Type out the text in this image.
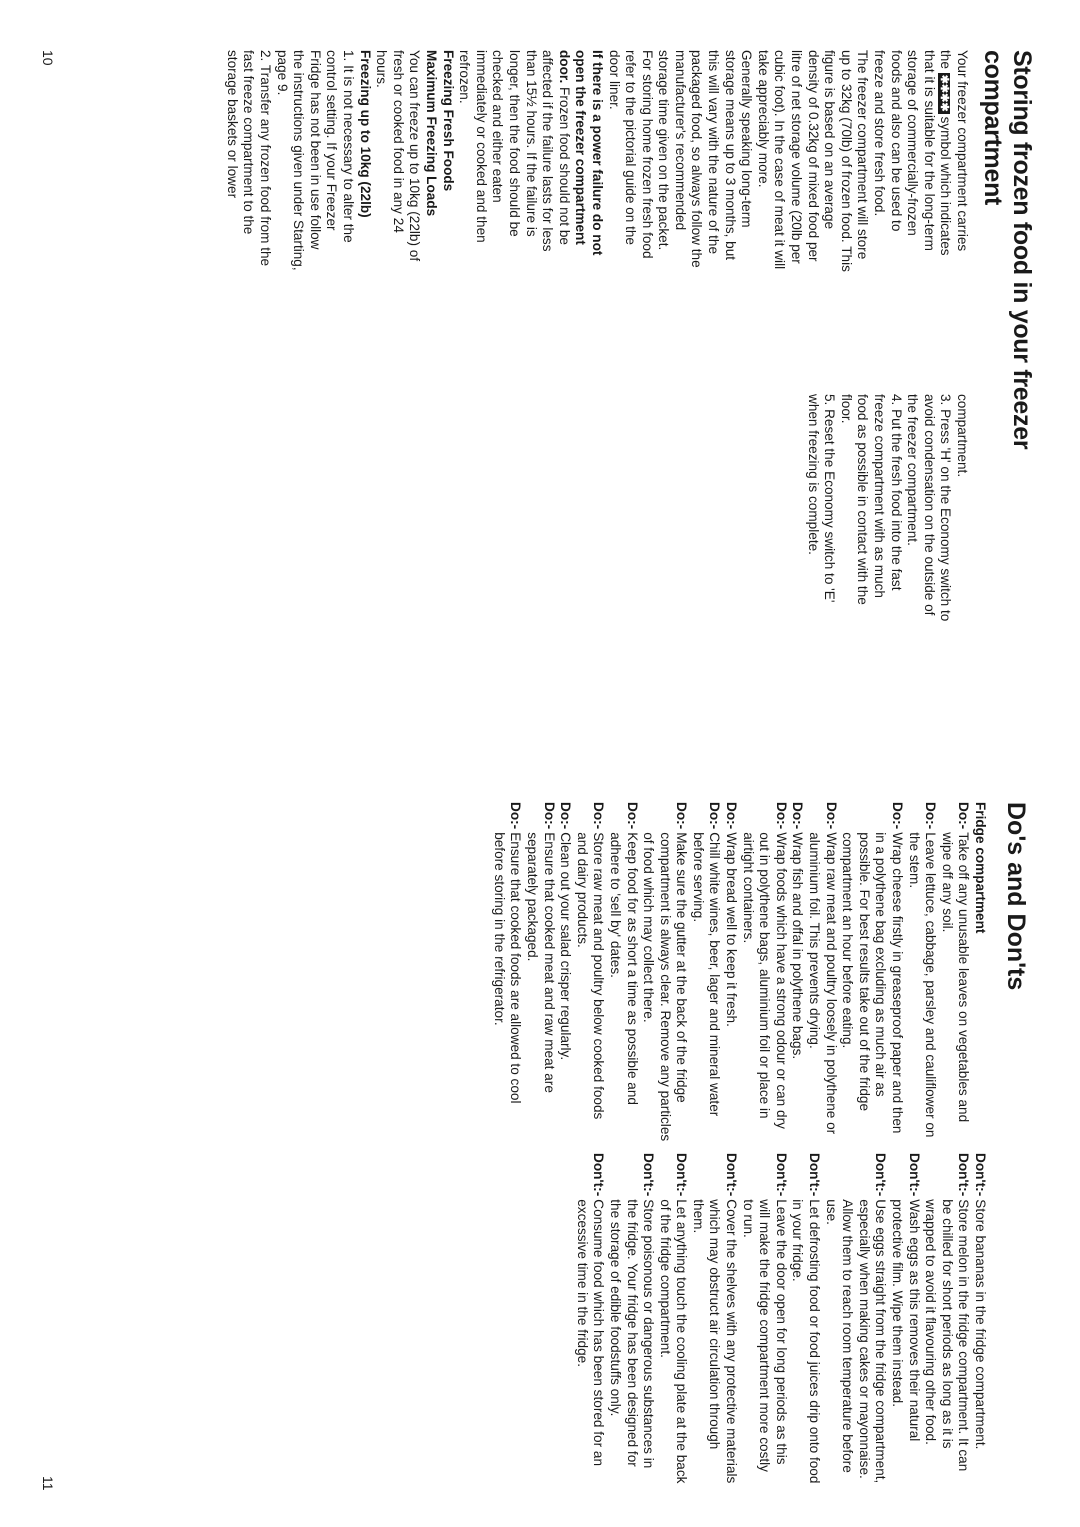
Storing frozen food in your freezer compartment

Your freezer compartment carries the ✱✱✱✱symbol which indicates that it is suitable for the long-term storage of commercially-frozen foods and also can be used to freeze and store fresh food.

The freezer compartment will store up to 32kg (70lb) of frozen food. This figure is based on an average density of 0.32kg of mixed food per litre of net storage volume (20lb per cubic foot). In the case of meat it will take appreciably more.

Generally speaking long-term storage means up to 3 months, but this will vary with the nature of the packaged food, so always follow the manufacturer's recommended storage time given on the packet. For storing home frozen fresh food refer to the pictorial guide on the door liner.

If there is a power failure do not open the freezer compartment door. Frozen food should not be affected if the failure lasts for less than 15½ hours. If the failure is longer, then the food should be checked and either eaten immediately or cooked and then refrozen.

Freezing Fresh Foods

Maximum Freezing Loads

You can freeze up to 10kg (22lb) of fresh or cooked food in any 24 hours.

Freezing up to 10kg (22lb)

1. It is not necessary to alter the control setting. If your Freezer Fridge has not been in use follow the instructions given under Starting, page 9.

2. Transfer any frozen food from the fast freeze compartment to the storage baskets or lower

compartment.

3. Press 'H' on the Economy switch to avoid condensation on the outside of the freezer compartment.

4. Put the fresh food into the fast freeze compartment with as much food as possible in contact with the floor.

5. Reset the Economy switch to 'E' when freezing is complete.

10
Do's and Don'ts

Fridge compartment

Do:-
Take off any unusable leaves on vegetables and wipe off any soil.
Do:-
Leave lettuce, cabbage, parsley and cauliflower on the stem.
Do:-
Wrap cheese firstly in greaseproof paper and then in a polythene bag excluding as much air as possible. For best results take out of the fridge compartment an hour before eating.
Do:-
Wrap raw meat and poultry loosely in polythene or aluminium foil. This prevents drying.
Do:-
Wrap fish and offal in polythene bags.
Do:-
Wrap foods which have a strong odour or can dry out in polythene bags, aluminium foil or place in airtight containers.
Do:-
Wrap bread well to keep it fresh.
Do:-
Chill white wines, beer, lager and mineral water before serving.
Do:-
Make sure the gutter at the back of the fridge compartment is always clear. Remove any particles of food which may collect there.
Do:-
Keep food for as short a time as possible and adhere to 'sell by' dates.
Do:-
Store raw meat and poultry below cooked foods and dairy products.
Do:-
Clean out your salad crisper regularly.
Do:-
Ensure that cooked meat and raw meat are separately packaged.
Do:-
Ensure that cooked foods are allowed to cool before storing in the refrigerator.
Don't:-
Store bananas in the fridge compartment.
Don't:-
Store melon in the fridge compartment. It can be chilled for short periods as long as it is wrapped to avoid it flavouring other food.
Don't:-
Wash eggs as this removes their natural protective film. Wipe them instead.
Don't:-
Use eggs straight from the fridge compartment, especially when making cakes or mayonnaise. Allow them to reach room temperature before use.
Don't:-
Let defrosting food or food juices drip onto food in your fridge.
Don't:-
Leave the door open for long periods as this will make the fridge compartment more costly to run.
Don't:-
Cover the shelves with any protective materials which may obstruct air circulation through them.
Don't:-
Let anything touch the cooling plate at the back of the fridge compartment.
Don't:-
Store poisonous or dangerous substances in the fridge. Your fridge has been designed for the storage of edible foodstuffs only.
Don't:-
Consume food which has been stored for an excessive time in the fridge.
11
